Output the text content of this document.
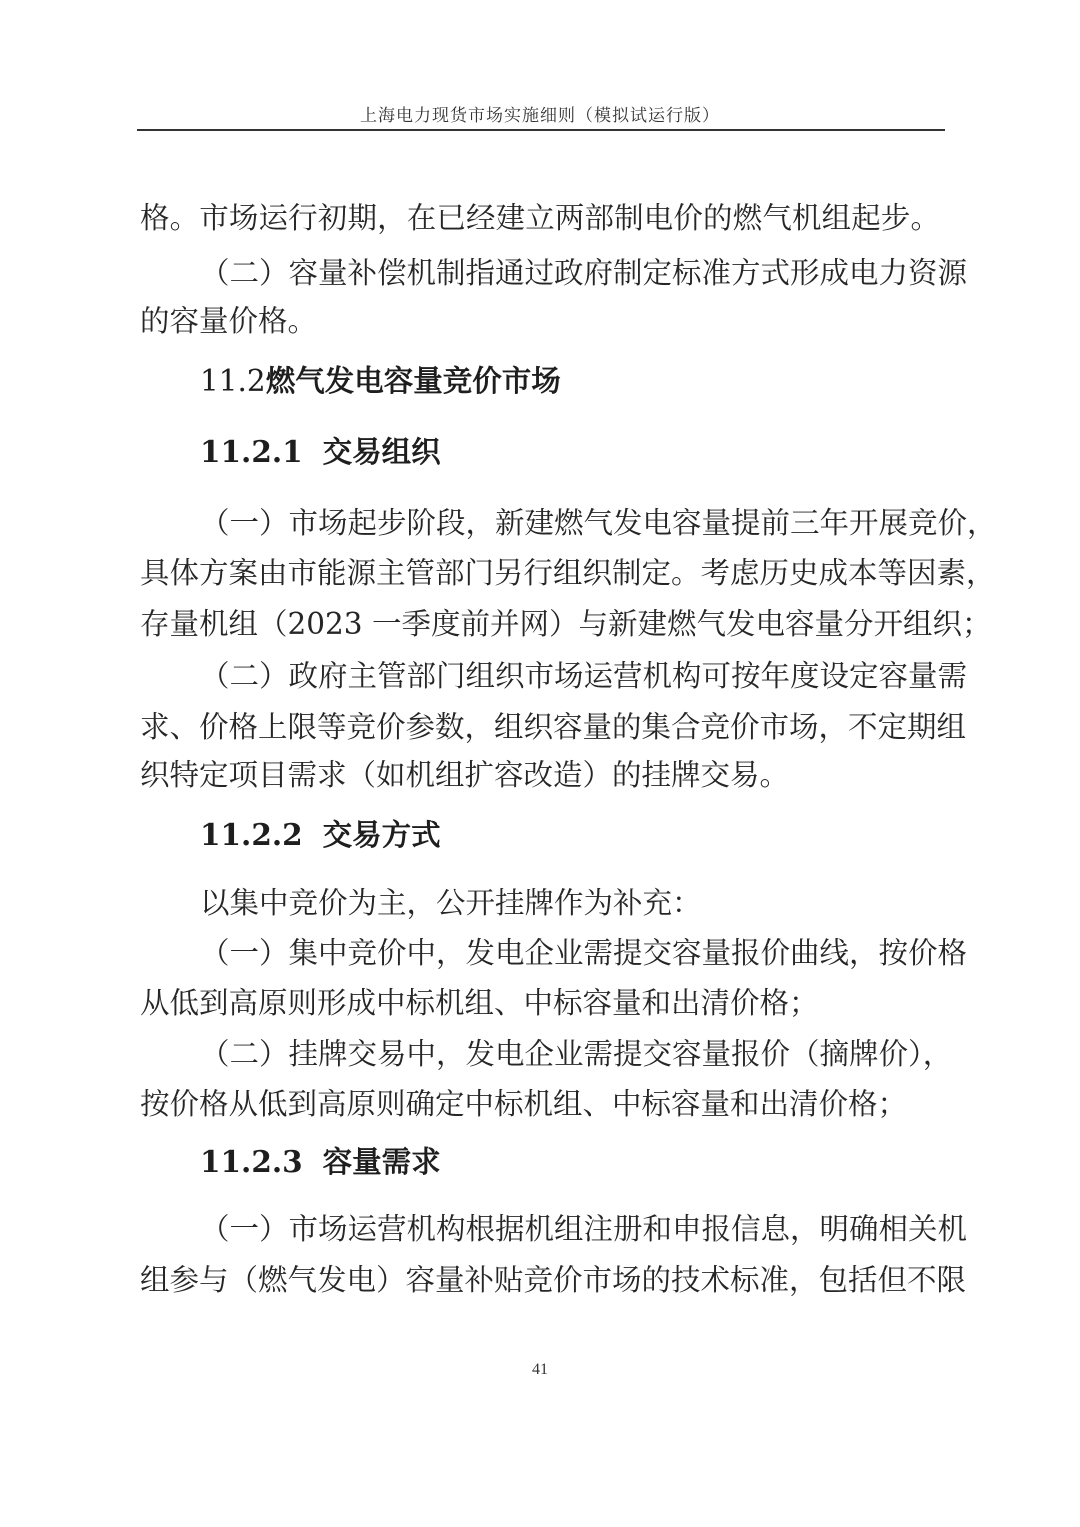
上海电力现货市场实施细则（模拟试运行版）
格。市场运行初期，在已经建立两部制电价的燃气机组起步。
（二）容量补偿机制指通过政府制定标准方式形成电力资源
的容量价格。
11.2燃气发电容量竞价市场
11.2.1 交易组织
（一）市场起步阶段，新建燃气发电容量提前三年开展竞价，
具体方案由市能源主管部门另行组织制定。考虑历史成本等因素，
存量机组（2023 一季度前并网）与新建燃气发电容量分开组织；
（二）政府主管部门组织市场运营机构可按年度设定容量需
求、价格上限等竞价参数，组织容量的集合竞价市场，不定期组
织特定项目需求（如机组扩容改造）的挂牌交易。
11.2.2 交易方式
以集中竞价为主，公开挂牌作为补充：
（一）集中竞价中，发电企业需提交容量报价曲线，按价格
从低到高原则形成中标机组、中标容量和出清价格；
（二）挂牌交易中，发电企业需提交容量报价（摘牌价），
按价格从低到高原则确定中标机组、中标容量和出清价格；
11.2.3 容量需求
（一）市场运营机构根据机组注册和申报信息，明确相关机
组参与（燃气发电）容量补贴竞价市场的技术标准，包括但不限
41
